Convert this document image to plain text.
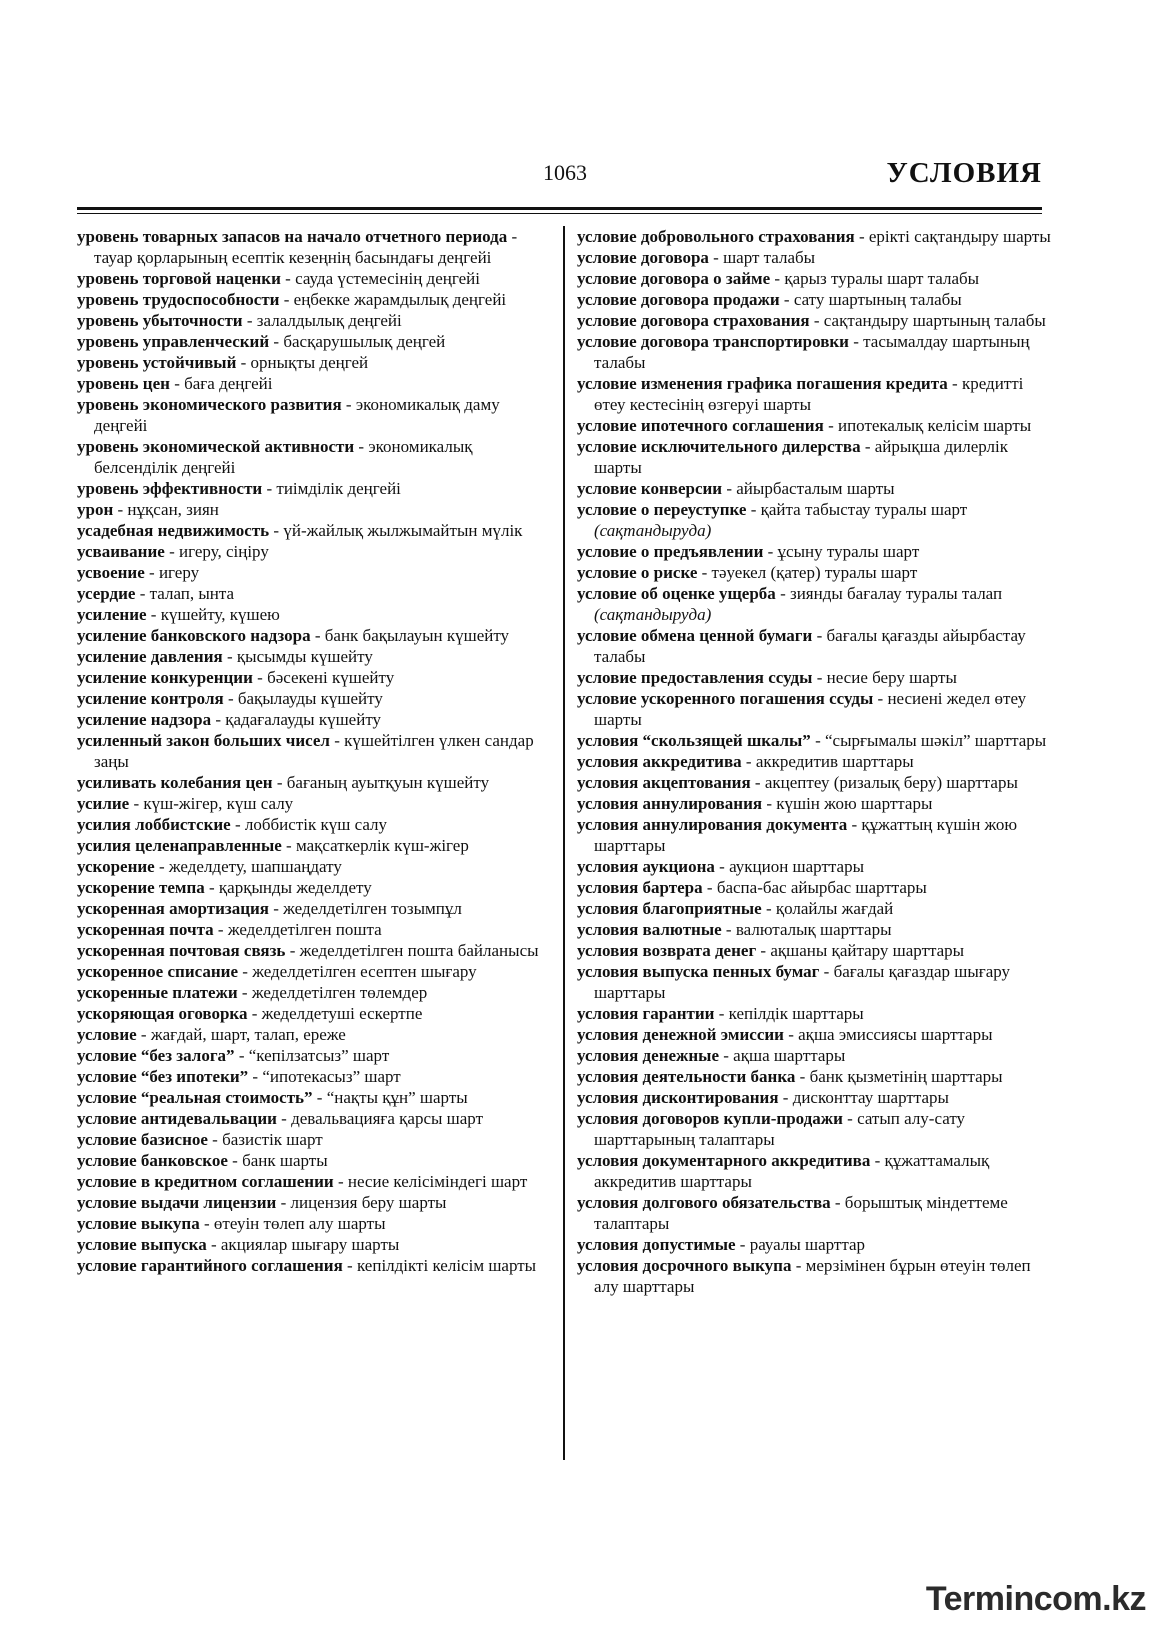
1063	УСЛОВИЯ
уровень товарных запасов на начало отчетного периода - тауар қорларының есептік кезеңнің басындағы деңгейі
уровень торговой наценки - сауда үстемесінің деңгейі
уровень трудоспособности - еңбекке жарамдылық деңгейі
уровень убыточности - залалдылық деңгейі
уровень управленческий - басқарушылық деңгей
уровень устойчивый - орнықты деңгей
уровень цен - баға деңгейі
уровень экономического развития - экономикалық даму деңгейі
уровень экономической активности - экономикалық белсенділік деңгейі
уровень эффективности - тиімділік деңгейі
урон - нұқсан, зиян
усадебная недвижимость - үй-жайлық жылжымайтын мүлік
усваивание - игеру, сіңіру
усвоение - игеру
усердие - талап, ынта
усиление - күшейту, күшею
усиление банковского надзора - банк бақылауын күшейту
усиление давления - қысымды күшейту
усиление конкуренции - бәсекені күшейту
усиление контроля - бақылауды күшейту
усиление надзора - қадағалауды күшейту
усиленный закон больших чисел - күшейтілген үлкен сандар заңы
усиливать колебания цен - бағаның ауытқуын күшейту
усилие - күш-жігер, күш салу
усилия лоббистские - лоббистік күш салу
усилия целенаправленные - мақсаткерлік күш-жігер
ускорение - жеделдету, шапшаңдату
ускорение темпа - қарқынды жеделдету
ускоренная амортизация - жеделдетілген тозымпұл
ускоренная почта - жеделдетілген пошта
ускоренная почтовая связь - жеделдетілген пошта байланысы
ускоренное списание - жеделдетілген есептен шығару
ускоренные платежи - жеделдетілген төлемдер
ускоряющая оговорка - жеделдетуші ескертпе
условие - жағдай, шарт, талап, ереже
условие “без залога” - “кепілзатсыз” шарт
условие “без ипотеки” - “ипотекасыз” шарт
условие “реальная стоимость” - “нақты құн” шарты
условие антидевальвации - девальвацияға қарсы шарт
условие базисное - базистік шарт
условие банковское - банк шарты
условие в кредитном соглашении - несие келісіміндегі шарт
условие выдачи лицензии - лицензия беру шарты
условие выкупа - өтеуін төлеп алу шарты
условие выпуска - акциялар шығару шарты
условие гарантийного соглашения - кепілдікті келісім шарты
условие добровольного страхования - ерікті сақтандыру шарты
условие договора - шарт талабы
условие договора о займе - қарыз туралы шарт талабы
условие договора продажи - сату шартының талабы
условие договора страхования - сақтандыру шартының талабы
условие договора транспортировки - тасымалдау шартының талабы
условие изменения графика погашения кредита - кредитті өтеу кестесінің өзгеруі шарты
условие ипотечного соглашения - ипотекалық келісім шарты
условие исключительного дилерства - айрықша дилерлік шарты
условие конверсии - айырбасталым шарты
условие о переуступке - қайта табыстау туралы шарт (сақтандыруда)
условие о предъявлении - ұсыну туралы шарт
условие о риске - тәуекел (қатер) туралы шарт
условие об оценке ущерба - зиянды бағалау туралы талап (сақтандыруда)
условие обмена ценной бумаги - бағалы қағазды айырбастау талабы
условие предоставления ссуды - несие беру шарты
условие ускоренного погашения ссуды - несиені жедел өтеу шарты
условия “скользящей шкалы” - “сырғымалы шәкіл” шарттары
условия аккредитива - аккредитив шарттары
условия акцептования - акцептеу (ризалық беру) шарттары
условия аннулирования - күшін жою шарттары
условия аннулирования документа - құжаттың күшін жою шарттары
условия аукциона - аукцион шарттары
условия бартера - баспа-бас айырбас шарттары
условия благоприятные - қолайлы жағдай
условия валютные - валюталық шарттары
условия возврата денег - ақшаны қайтару шарттары
условия выпуска пенных бумаг - бағалы қағаздар шығару шарттары
условия гарантии - кепілдік шарттары
условия денежной эмиссии - ақша эмиссиясы шарттары
условия денежные - ақша шарттары
условия деятельности банка - банк қызметінің шарттары
условия дисконтирования - дисконттау шарттары
условия договоров купли-продажи - сатып алу-сату шарттарының талаптары
условия документарного аккредитива - құжаттамалық аккредитив шарттары
условия долгового обязательства - борыштық міндеттеме талаптары
условия допустимые - рауалы шарттар
условия досрочного выкупа - мерзімінен бұрын өтеуін төлеп алу шарттары
Termincom.kz
